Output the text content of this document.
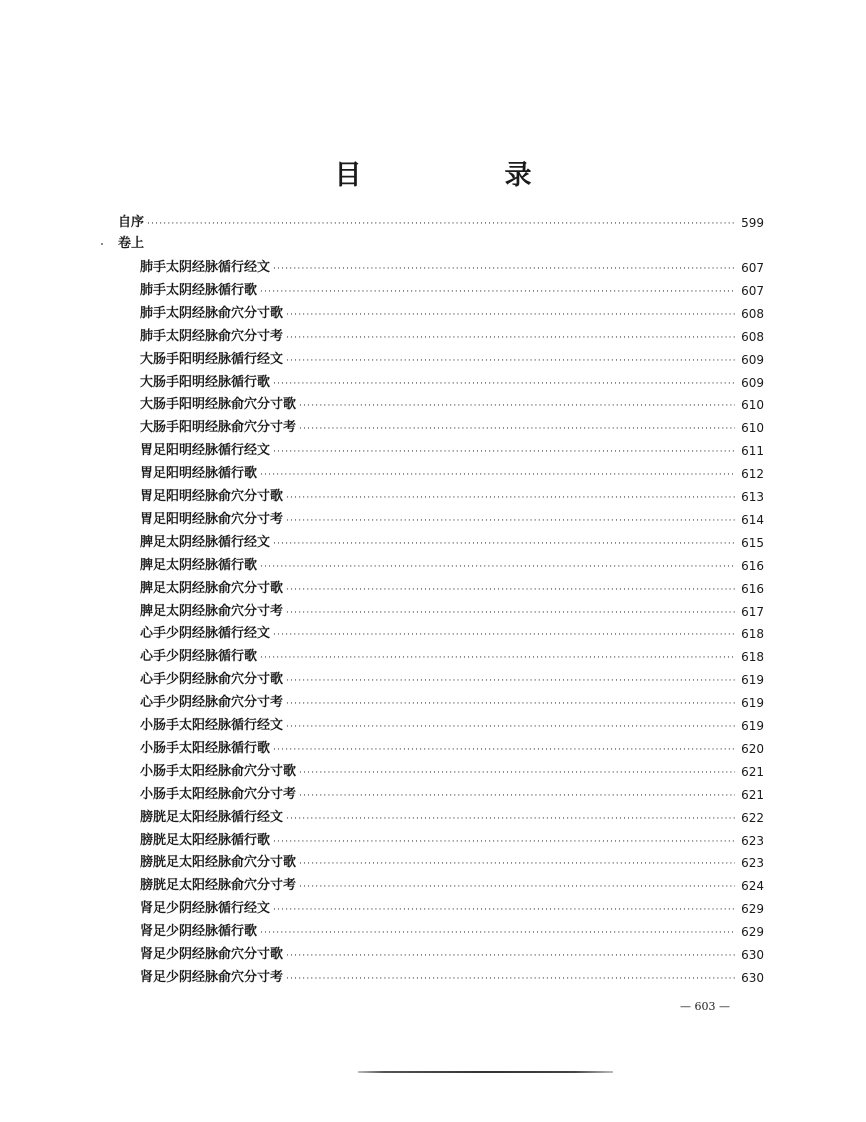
目　录
自序 ·····	599
卷上
肺手太阴经脉循行经文 ·····	607
肺手太阴经脉循行歌 ·····	607
肺手太阴经脉俞穴分寸歌 ·····	608
肺手太阴经脉俞穴分寸考 ·····	608
大肠手阳明经脉循行经文 ·····	609
大肠手阳明经脉循行歌 ·····	609
大肠手阳明经脉俞穴分寸歌 ·····	610
大肠手阳明经脉俞穴分寸考 ·····	610
胃足阳明经脉循行经文 ·····	611
胃足阳明经脉循行歌 ·····	612
胃足阳明经脉俞穴分寸歌 ·····	613
胃足阳明经脉俞穴分寸考 ·····	614
脾足太阴经脉循行经文 ·····	615
脾足太阴经脉循行歌 ·····	616
脾足太阴经脉俞穴分寸歌 ·····	616
脾足太阴经脉俞穴分寸考 ·····	617
心手少阴经脉循行经文 ·····	618
心手少阴经脉循行歌 ·····	618
心手少阴经脉俞穴分寸歌 ·····	619
心手少阴经脉俞穴分寸考 ·····	619
小肠手太阳经脉循行经文 ·····	619
小肠手太阳经脉循行歌 ·····	620
小肠手太阳经脉俞穴分寸歌 ·····	621
小肠手太阳经脉俞穴分寸考 ·····	621
膀胱足太阳经脉循行经文 ·····	622
膀胱足太阳经脉循行歌 ·····	623
膀胱足太阳经脉俞穴分寸歌 ·····	623
膀胱足太阳经脉俞穴分寸考 ·····	624
肾足少阴经脉循行经文 ·····	629
肾足少阴经脉循行歌 ·····	629
肾足少阴经脉俞穴分寸歌 ·····	630
肾足少阴经脉俞穴分寸考 ·····	630
— 603 —
